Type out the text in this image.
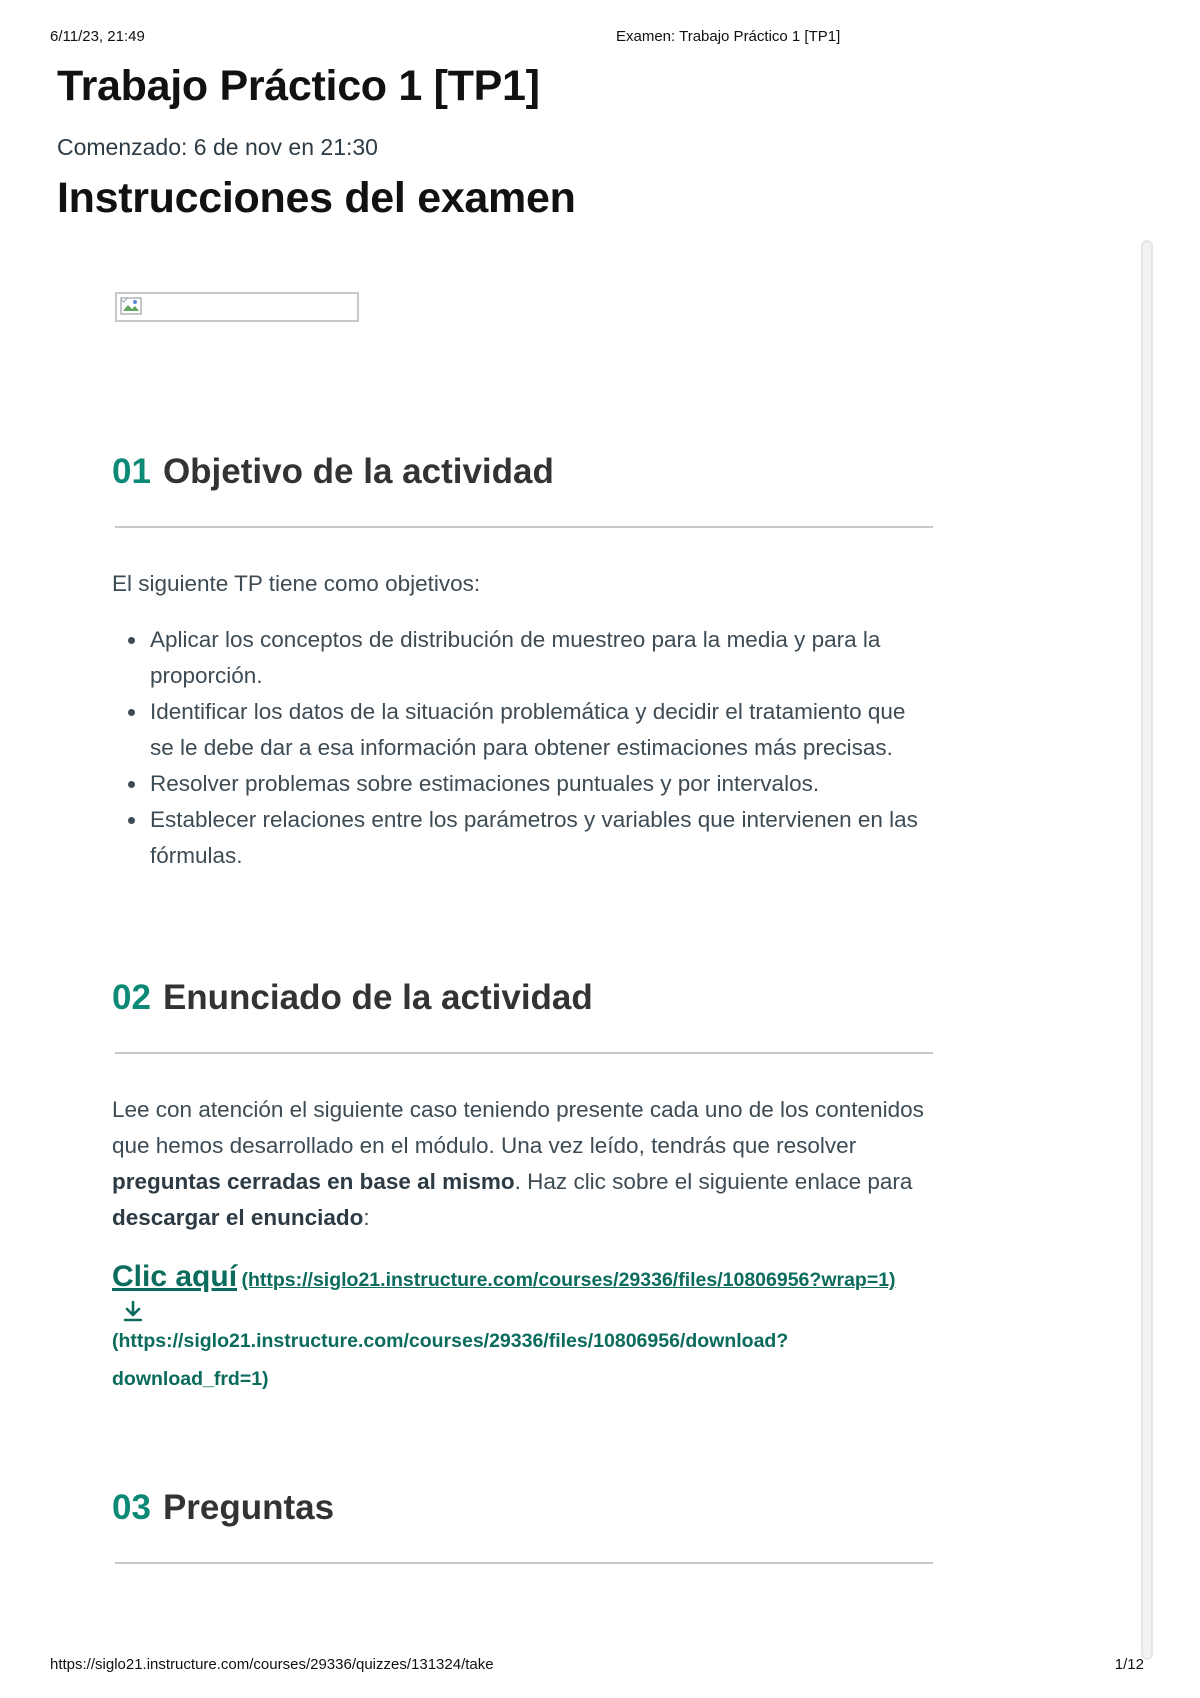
6/11/23, 21:49	Examen: Trabajo Práctico 1 [TP1]
Trabajo Práctico 1 [TP1]

Comenzado: 6 de nov en 21:30

Instrucciones del examen
01 Objetivo de la actividad

El siguiente TP tiene como objetivos:

Aplicar los conceptos de distribución de muestreo para la media y para la proporción.
Identificar los datos de la situación problemática y decidir el tratamiento que se le debe dar a esa información para obtener estimaciones más precisas.
Resolver problemas sobre estimaciones puntuales y por intervalos.
Establecer relaciones entre los parámetros y variables que intervienen en las fórmulas.
02 Enunciado de la actividad

Lee con atención el siguiente caso teniendo presente cada uno de los contenidos que hemos desarrollado en el módulo. Una vez leído, tendrás que resolver preguntas cerradas en base al mismo. Haz clic sobre el siguiente enlace para descargar el enunciado:

Clic aquí (https://siglo21.instructure.com/courses/29336/files/10806956?wrap=1)
(https://siglo21.instructure.com/courses/29336/files/10806956/download?download_frd=1)
03 Preguntas
https://siglo21.instructure.com/courses/29336/quizzes/131324/take	1/12
